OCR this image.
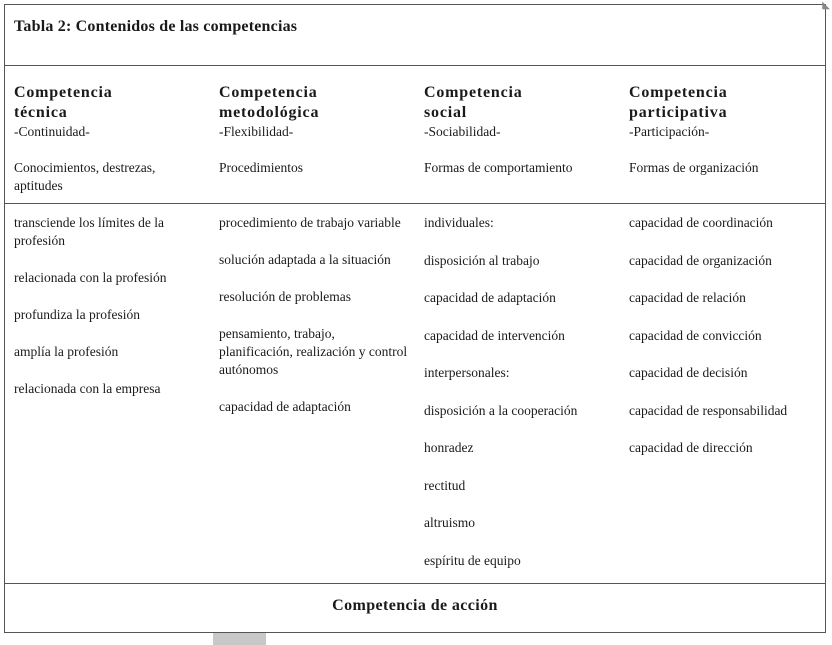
Tabla 2: Contenidos de las competencias
Competencia
técnica
-Continuidad-
Conocimientos, destrezas, aptitudes
Competencia
metodológica
-Flexibilidad-
Procedimientos
Competencia
social
-Sociabilidad-
Formas de comportamiento
Competencia
participativa
-Participación-
Formas de organización
transciende los límites de la profesión
relacionada con la profesión
profundiza la profesión
amplía la profesión
relacionada con la empresa
procedimiento de trabajo variable
solución adaptada a la situación
resolución de problemas
pensamiento, trabajo, planificación, realización y control autónomos
capacidad de adaptación
individuales:
disposición al trabajo
capacidad de adaptación
capacidad de intervención
interpersonales:
disposición a la cooperación
honradez
rectitud
altruismo
espíritu de equipo
capacidad de coordinación
capacidad de organización
capacidad de relación
capacidad de convicción
capacidad de decisión
capacidad de responsabilidad
capacidad de dirección
Competencia de acción
◣
